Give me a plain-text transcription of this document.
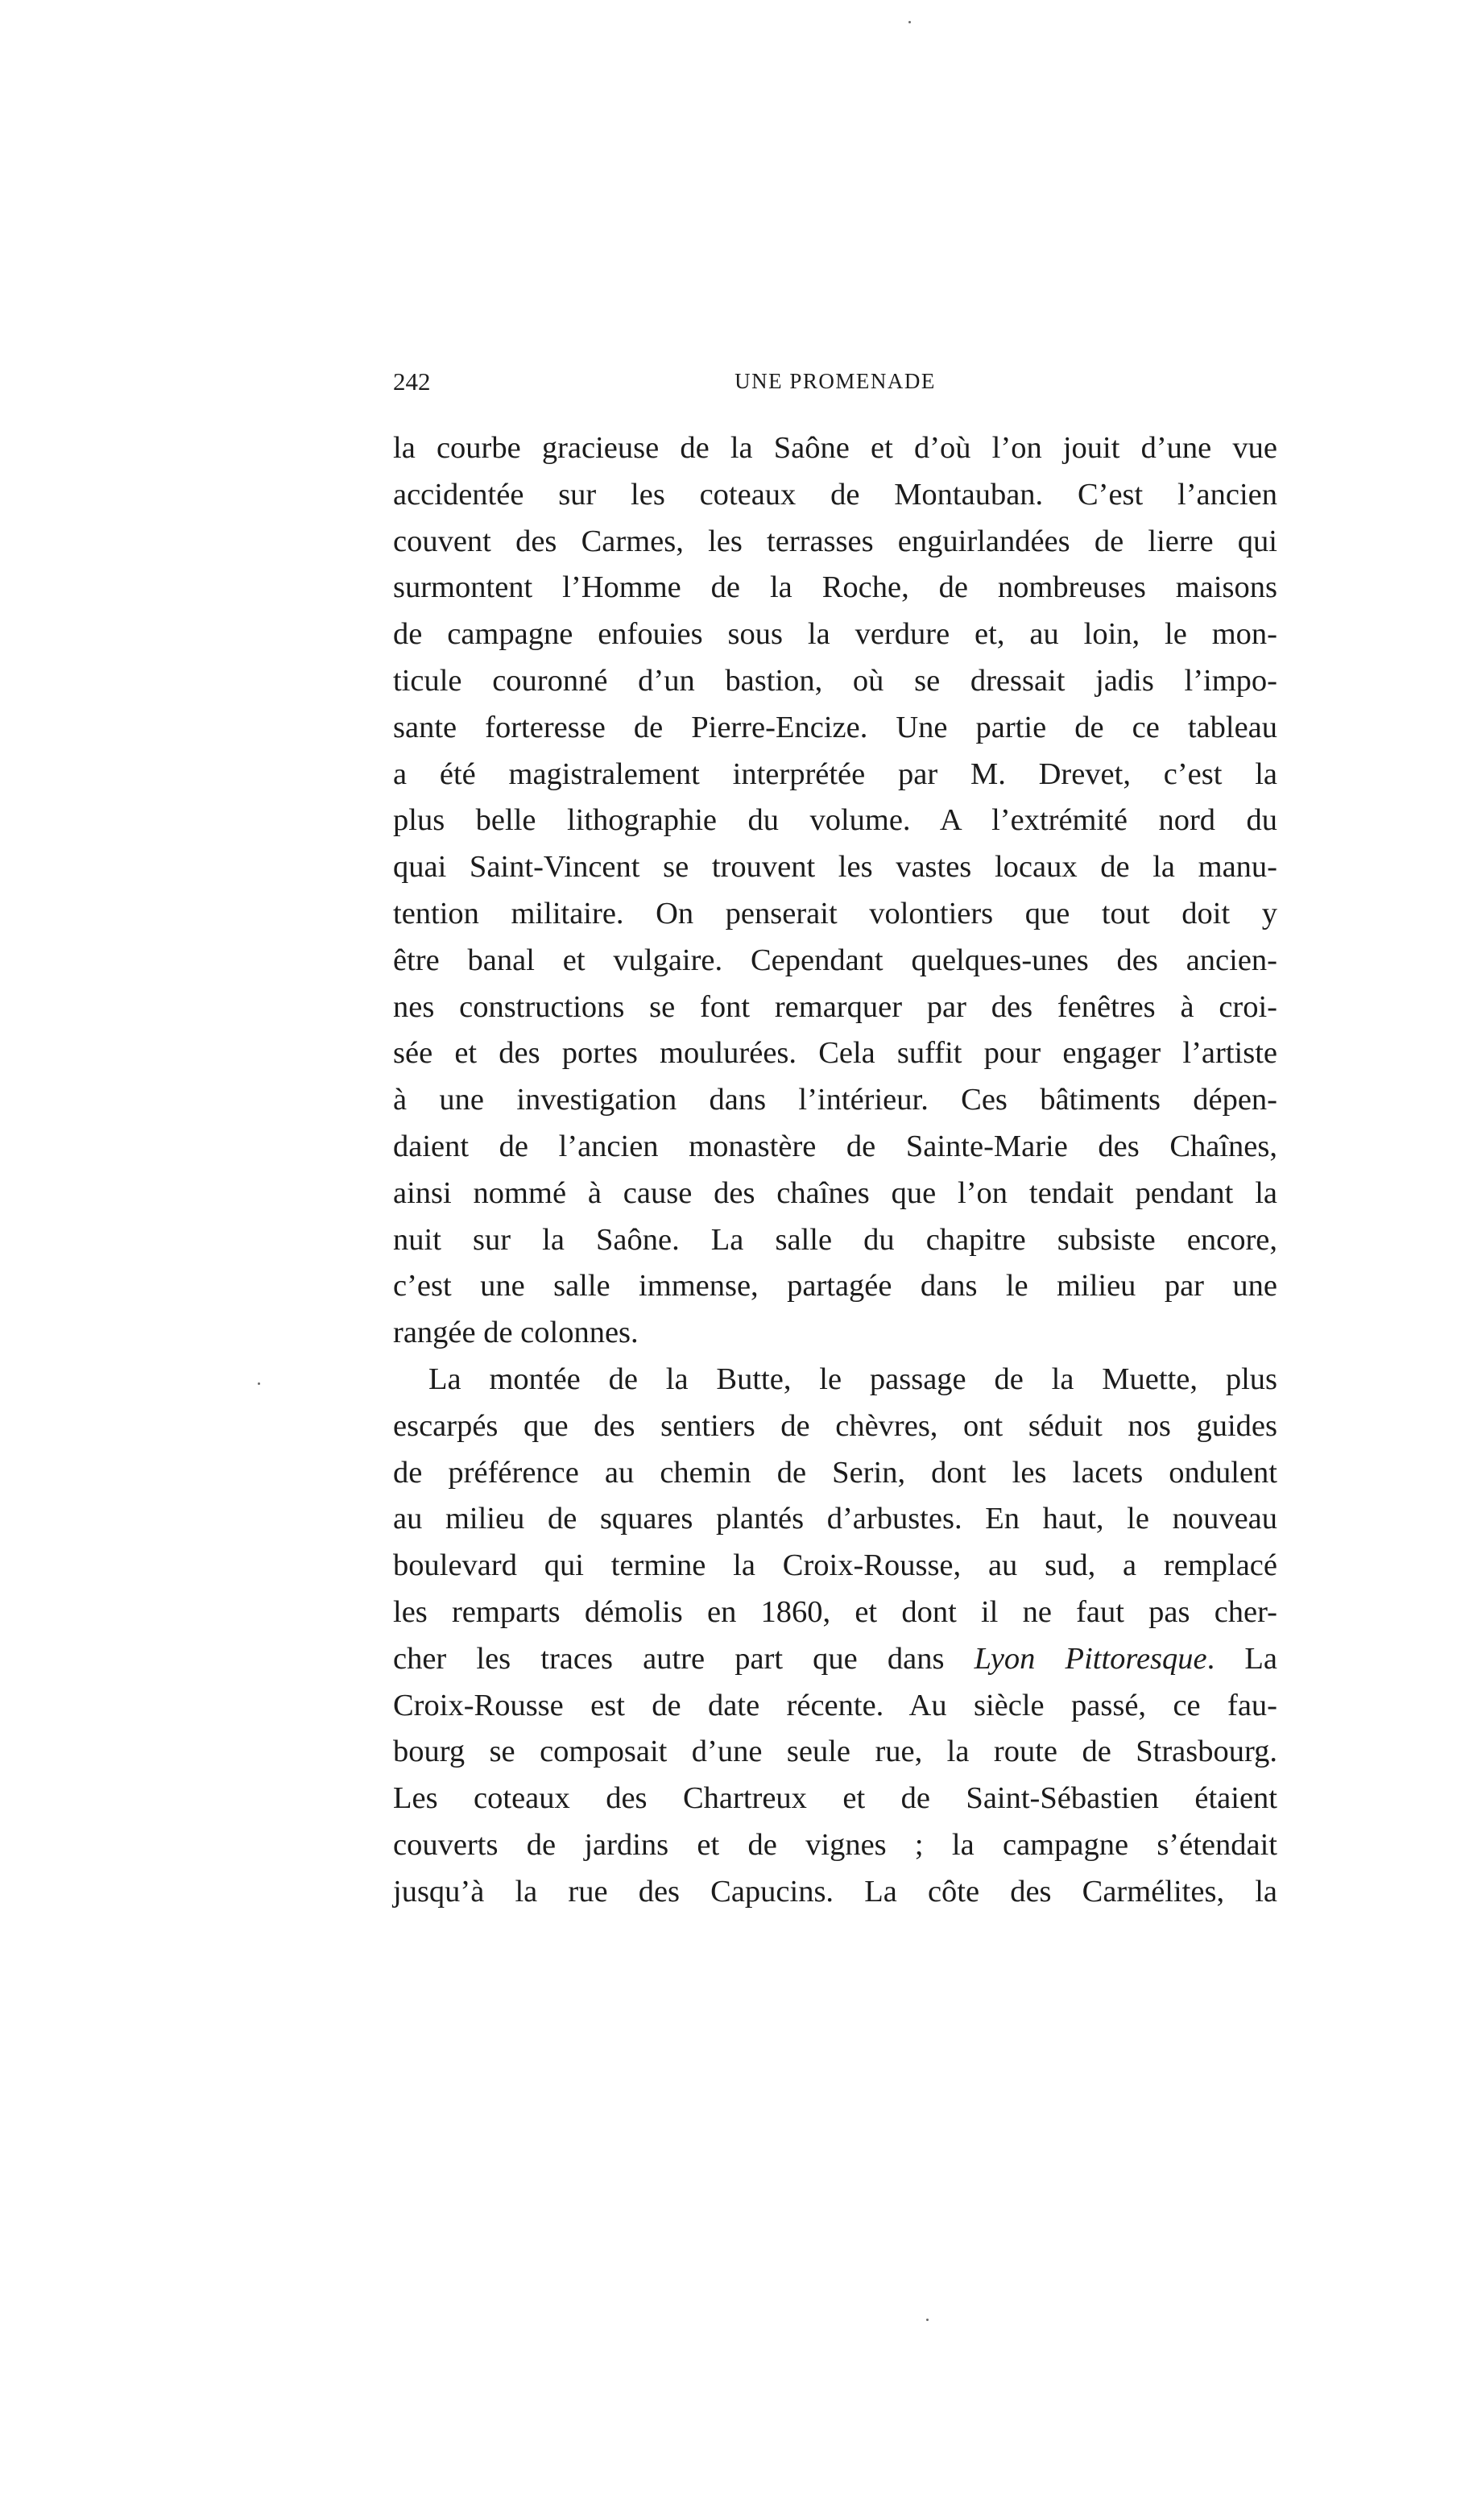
242	UNE PROMENADE
la courbe gracieuse de la Saône et d’où l’on jouit d’une vue
accidentée sur les coteaux de Montauban. C’est l’ancien
couvent des Carmes, les terrasses enguirlandées de lierre qui
surmontent l’Homme de la Roche, de nombreuses maisons
de campagne enfouies sous la verdure et, au loin, le mon-
ticule couronné d’un bastion, où se dressait jadis l’impo-
sante forteresse de Pierre-Encize. Une partie de ce tableau
a été magistralement interprétée par M. Drevet, c’est la
plus belle lithographie du volume. A l’extrémité nord du
quai Saint-Vincent se trouvent les vastes locaux de la manu-
tention militaire. On penserait volontiers que tout doit y
être banal et vulgaire. Cependant quelques-unes des ancien-
nes constructions se font remarquer par des fenêtres à croi-
sée et des portes moulurées. Cela suffit pour engager l’artiste
à une investigation dans l’intérieur. Ces bâtiments dépen-
daient de l’ancien monastère de Sainte-Marie des Chaînes,
ainsi nommé à cause des chaînes que l’on tendait pendant la
nuit sur la Saône. La salle du chapitre subsiste encore,
c’est une salle immense, partagée dans le milieu par une
rangée de colonnes.
La montée de la Butte, le passage de la Muette, plus
escarpés que des sentiers de chèvres, ont séduit nos guides
de préférence au chemin de Serin, dont les lacets ondulent
au milieu de squares plantés d’arbustes. En haut, le nouveau
boulevard qui termine la Croix-Rousse, au sud, a remplacé
les remparts démolis en 1860, et dont il ne faut pas cher-
cher les traces autre part que dans Lyon Pittoresque. La
Croix-Rousse est de date récente. Au siècle passé, ce fau-
bourg se composait d’une seule rue, la route de Strasbourg.
Les coteaux des Chartreux et de Saint-Sébastien étaient
couverts de jardins et de vignes ; la campagne s’étendait
jusqu’à la rue des Capucins. La côte des Carmélites, la
